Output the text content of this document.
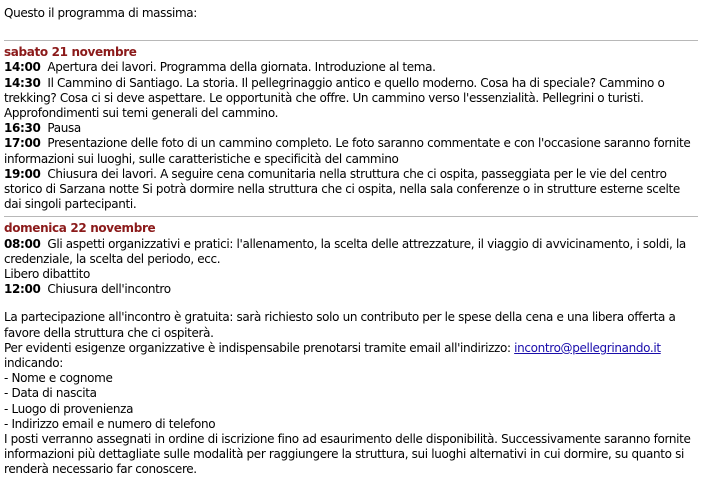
Questo il programma di massima:

sabato 21 novembre

14:00 Apertura dei lavori. Programma della giornata. Introduzione al tema.

14:30 Il Cammino di Santiago. La storia. Il pellegrinaggio antico e quello moderno. Cosa ha di speciale? Cammino o trekking? Cosa ci si deve aspettare. Le opportunità che offre. Un cammino verso l'essenzialità. Pellegrini o turisti. Approfondimenti sui temi generali del cammino.

16:30 Pausa

17:00 Presentazione delle foto di un cammino completo. Le foto saranno commentate e con l'occasione saranno fornite informazioni sui luoghi, sulle caratteristiche e specificità del cammino

19:00 Chiusura dei lavori. A seguire cena comunitaria nella struttura che ci ospita, passeggiata per le vie del centro storico di Sarzana notte Si potrà dormire nella struttura che ci ospita, nella sala conferenze o in strutture esterne scelte dai singoli partecipanti.

domenica 22 novembre

08:00 Gli aspetti organizzativi e pratici: l'allenamento, la scelta delle attrezzature, il viaggio di avvicinamento, i soldi, la credenziale, la scelta del periodo, ecc.

Libero dibattito

12:00 Chiusura dell'incontro

La partecipazione all'incontro è gratuita: sarà richiesto solo un contributo per le spese della cena e una libera offerta a favore della struttura che ci ospiterà.

Per evidenti esigenze organizzative è indispensabile prenotarsi tramite email all'indirizzo: incontro@pellegrinando.it indicando:

- Nome e cognome

- Data di nascita

- Luogo di provenienza

- Indirizzo email e numero di telefono

I posti verranno assegnati in ordine di iscrizione fino ad esaurimento delle disponibilità. Successivamente saranno fornite informazioni più dettagliate sulle modalità per raggiungere la struttura, sui luoghi alternativi in cui dormire, su quanto si renderà necessario far conoscere.
